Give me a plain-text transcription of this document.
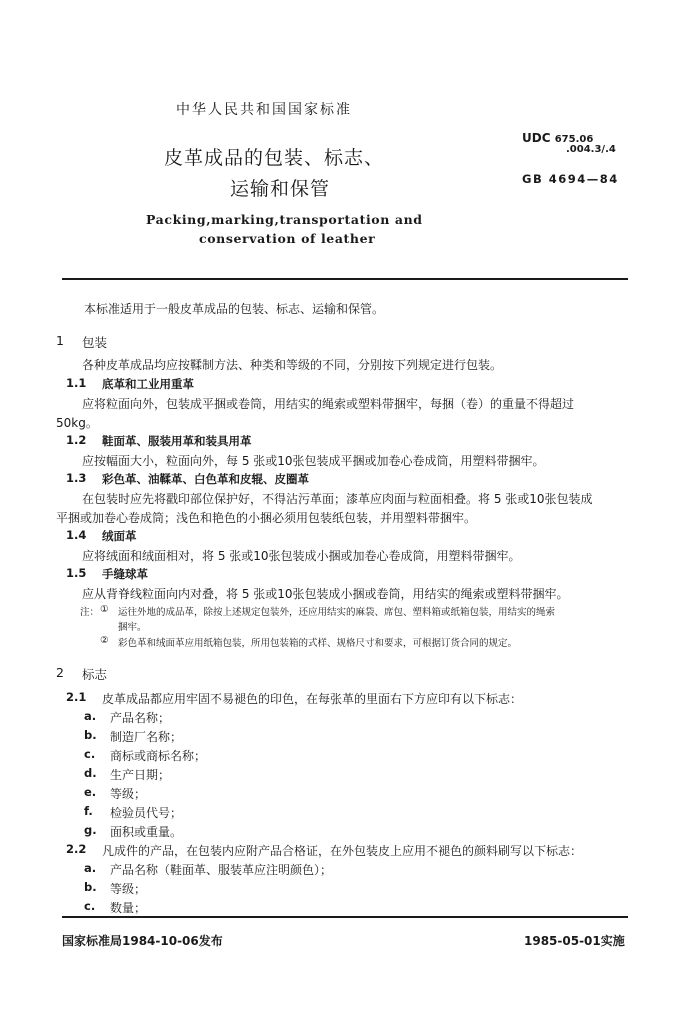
中华人民共和国国家标准
皮革成品的包装、标志、
运输和保管
Packing,marking,transportation and
conservation of leather
UDC 675.06
.004.3/.4
GB 4694—84
本标准适用于一般皮革成品的包装、标志、运输和保管。
1 包装
各种皮革成品均应按鞣制方法、种类和等级的不同，分别按下列规定进行包装。
1.1 底革和工业用重革
应将粒面向外，包装成平捆或卷筒，用结实的绳索或塑料带捆牢，每捆（卷）的重量不得超过
50kg。
1.2 鞋面革、服装用革和装具用革
应按幅面大小，粒面向外，每 5 张或10张包装成平捆或加卷心卷成筒，用塑料带捆牢。
1.3 彩色革、油鞣革、白色革和皮辊、皮圈革
在包装时应先将戳印部位保护好，不得沾污革面；漆革应肉面与粒面相叠。将 5 张或10张包装成
平捆或加卷心卷成筒；浅色和艳色的小捆必须用包装纸包装，并用塑料带捆牢。
1.4 绒面革
应将绒面和绒面相对，将 5 张或10张包装成小捆或加卷心卷成筒，用塑料带捆牢。
1.5 手缝球革
应从背脊线粒面向内对叠，将 5 张或10张包装成小捆或卷筒，用结实的绳索或塑料带捆牢。
注： ① 运往外地的成品革，除按上述规定包装外，还应用结实的麻袋、席包、塑料箱或纸箱包装，用结实的绳索
捆牢。
② 彩色革和绒面革应用纸箱包装，所用包装箱的式样、规格尺寸和要求，可根据订货合同的规定。
2 标志
2.1 皮革成品都应用牢固不易褪色的印色，在每张革的里面右下方应印有以下标志：
a. 产品名称；
b. 制造厂名称；
c. 商标或商标名称；
d. 生产日期；
e. 等级；
f. 检验员代号；
g. 面积或重量。
2.2 凡成件的产品，在包装内应附产品合格证，在外包装皮上应用不褪色的颜料刷写以下标志：
a. 产品名称（鞋面革、服装革应注明颜色）；
b. 等级；
c. 数量；
国家标准局1984-10-06发布	1985-05-01实施
